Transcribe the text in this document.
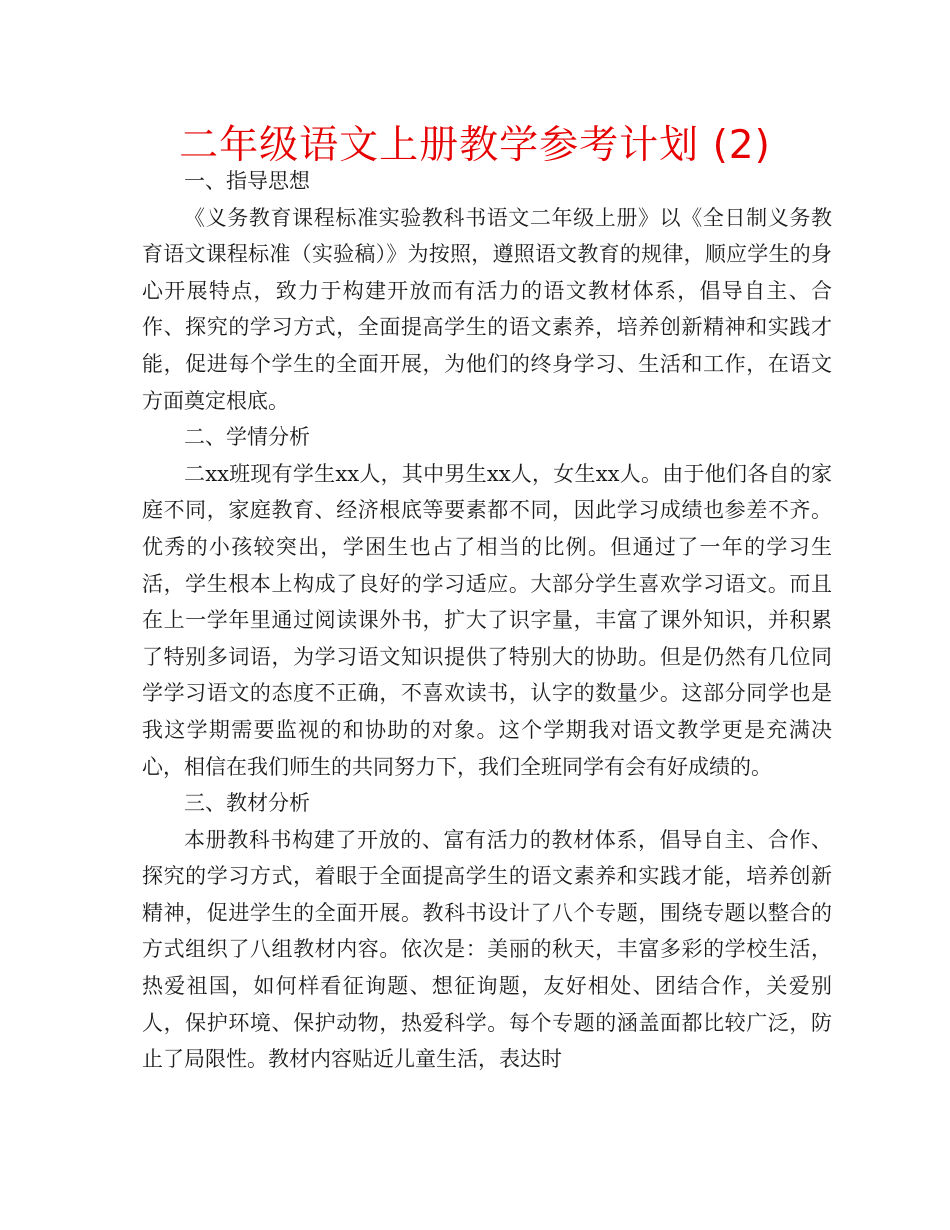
二年级语文上册教学参考计划 (2)

一、指导思想

《义务教育课程标准实验教科书语文二年级上册》以《全日制义务教育语文课程标准（实验稿）》为按照，遵照语文教育的规律，顺应学生的身心开展特点，致力于构建开放而有活力的语文教材体系，倡导自主、合作、探究的学习方式，全面提高学生的语文素养，培养创新精神和实践才能，促进每个学生的全面开展，为他们的终身学习、生活和工作，在语文方面奠定根底。

二、学情分析

二xx班现有学生xx人，其中男生xx人，女生xx人。由于他们各自的家庭不同，家庭教育、经济根底等要素都不同，因此学习成绩也参差不齐。优秀的小孩较突出，学困生也占了相当的比例。但通过了一年的学习生活，学生根本上构成了良好的学习适应。大部分学生喜欢学习语文。而且在上一学年里通过阅读课外书，扩大了识字量，丰富了课外知识，并积累了特别多词语，为学习语文知识提供了特别大的协助。但是仍然有几位同学学习语文的态度不正确，不喜欢读书，认字的数量少。这部分同学也是我这学期需要监视的和协助的对象。这个学期我对语文教学更是充满决心，相信在我们师生的共同努力下，我们全班同学有会有好成绩的。

三、教材分析

本册教科书构建了开放的、富有活力的教材体系，倡导自主、合作、探究的学习方式，着眼于全面提高学生的语文素养和实践才能，培养创新精神，促进学生的全面开展。教科书设计了八个专题，围绕专题以整合的方式组织了八组教材内容。依次是：美丽的秋天，丰富多彩的学校生活，热爱祖国，如何样看征询题、想征询题，友好相处、团结合作，关爱别人，保护环境、保护动物，热爱科学。每个专题的涵盖面都比较广泛，防止了局限性。教材内容贴近儿童生活，表达时
